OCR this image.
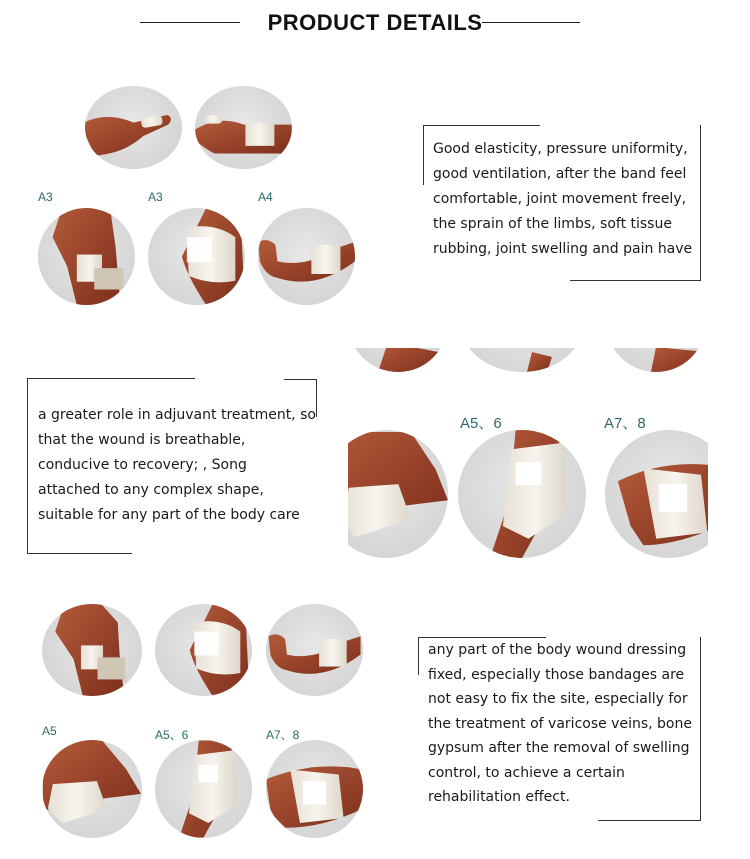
PRODUCT DETAILS
A3	A3	A4
Good elasticity, pressure uniformity,
good ventilation, after the band feel
comfortable, joint movement freely,
the sprain of the limbs, soft tissue
rubbing, joint swelling and pain have
A5、6	A7、8
a greater role in adjuvant treatment, so
that the wound is breathable,
conducive to recovery; , Song
attached to any complex shape,
suitable for any part of the body care
A5	A5、6	A7、8
any part of the body wound dressing
fixed, especially those bandages are
not easy to fix the site, especially for
the treatment of varicose veins, bone
gypsum after the removal of swelling
control, to achieve a certain
rehabilitation effect.
